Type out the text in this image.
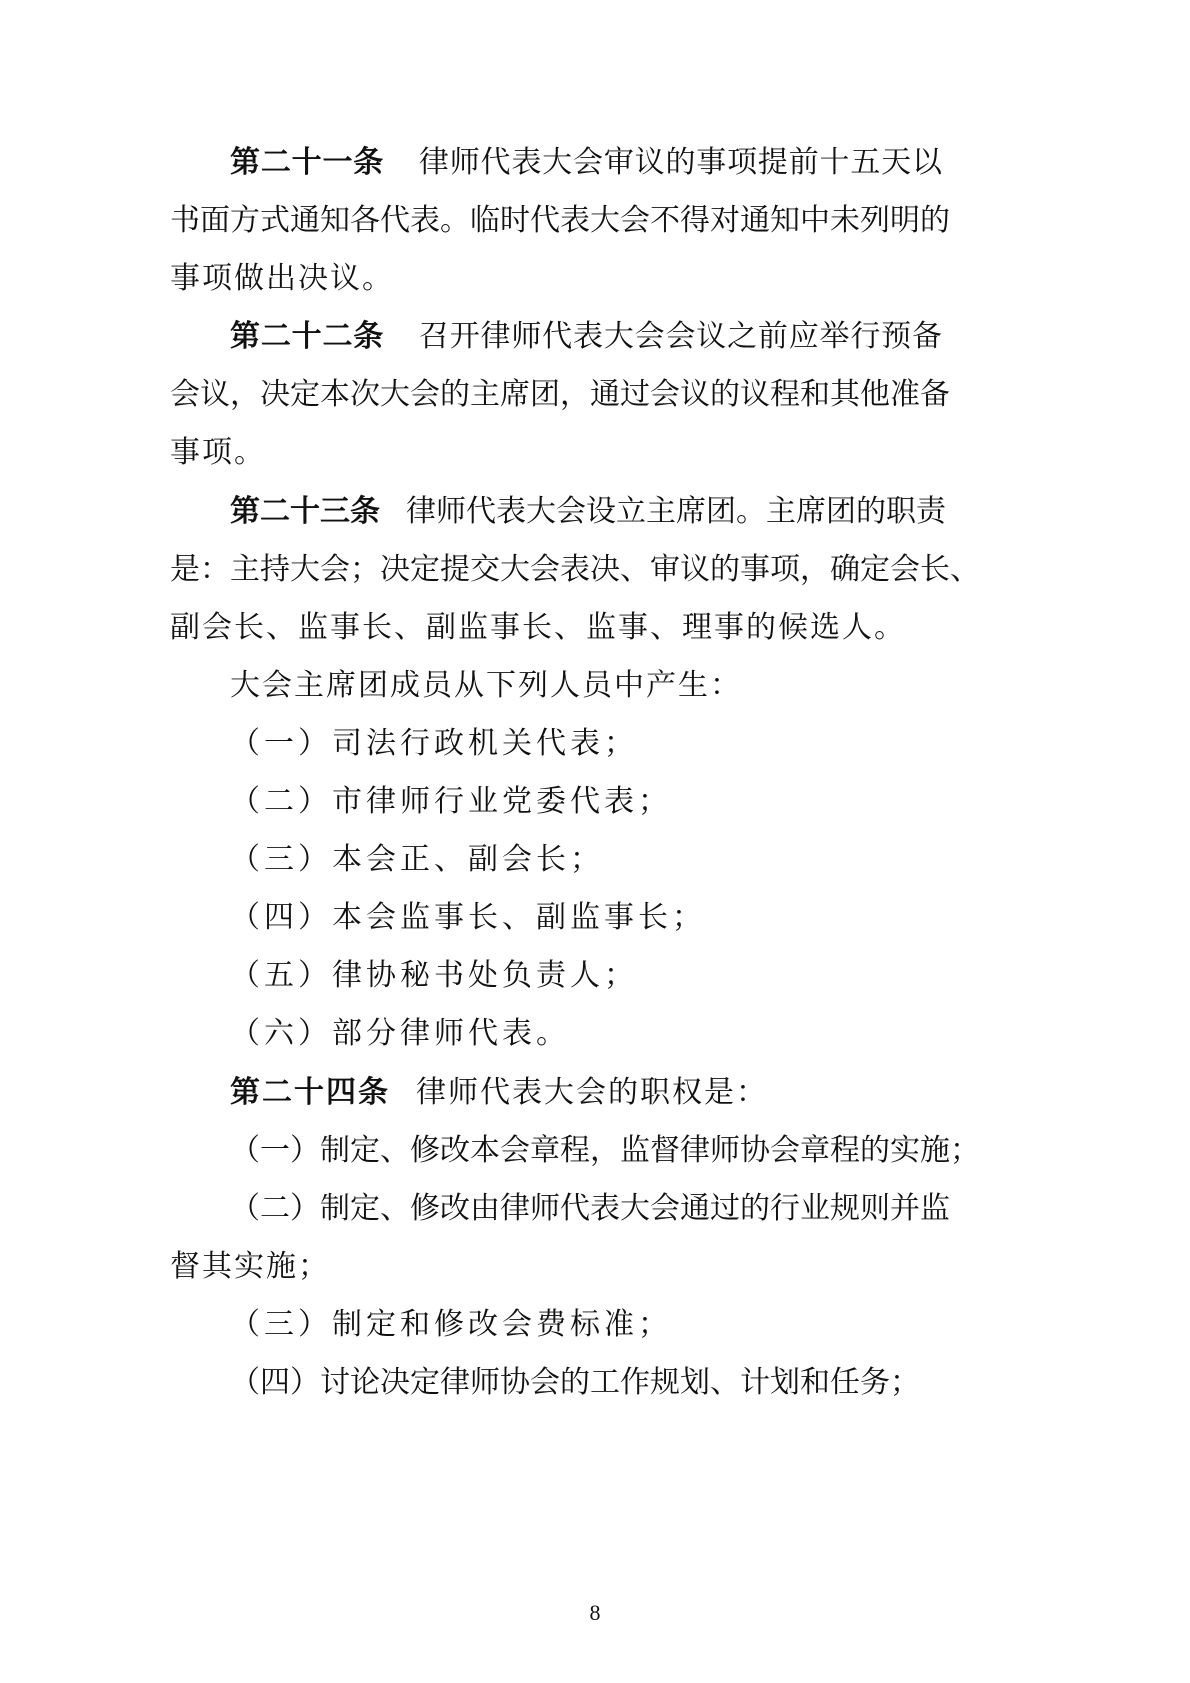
第二十一条 律师代表大会审议的事项提前十五天以

书面方式通知各代表。临时代表大会不得对通知中未列明的

事项做出决议。

第二十二条 召开律师代表大会会议之前应举行预备

会议，决定本次大会的主席团，通过会议的议程和其他准备

事项。

第二十三条 律师代表大会设立主席团。主席团的职责

是：主持大会；决定提交大会表决、审议的事项，确定会长、

副会长、监事长、副监事长、监事、理事的候选人。

大会主席团成员从下列人员中产生：

（一）司法行政机关代表；

（二）市律师行业党委代表；

（三）本会正、副会长；

（四）本会监事长、副监事长；

（五）律协秘书处负责人；

（六）部分律师代表。

第二十四条 律师代表大会的职权是：

（一）制定、修改本会章程，监督律师协会章程的实施；

（二）制定、修改由律师代表大会通过的行业规则并监

督其实施；

（三）制定和修改会费标准；

（四）讨论决定律师协会的工作规划、计划和任务；

8
